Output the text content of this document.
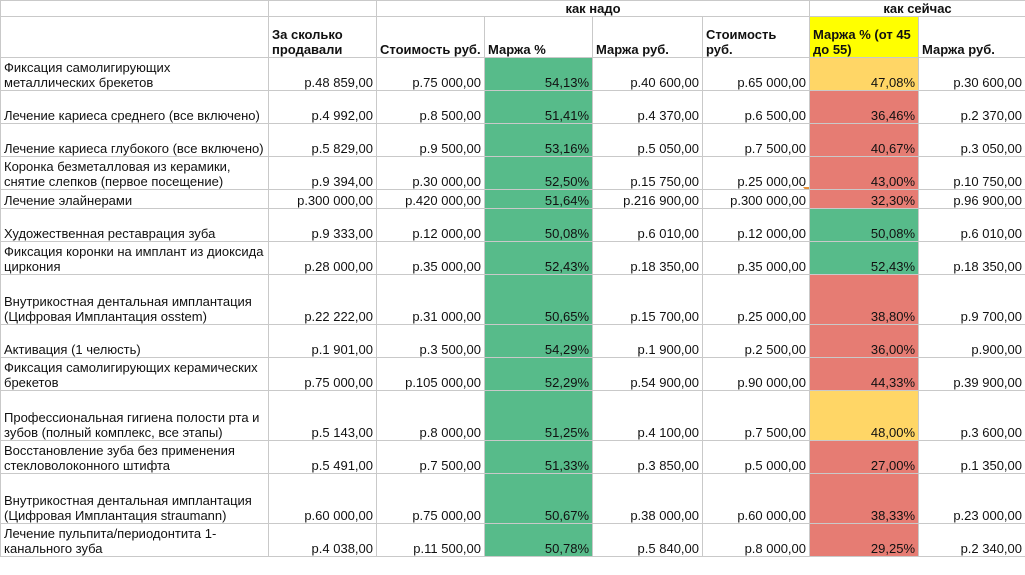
		как надо				как сейчас	
	За сколько продавали	Стоимость руб.	Маржа %	Маржа руб.	Стоимость руб.	Маржа % (от 45 до 55)	Маржа руб.
Фиксация самолигирующих металлических брекетов	р.48 859,00	р.75 000,00	54,13%	р.40 600,00	р.65 000,00	47,08%	р.30 600,00
Лечение кариеса среднего (все включено)	р.4 992,00	р.8 500,00	51,41%	р.4 370,00	р.6 500,00	36,46%	р.2 370,00
Лечение кариеса глубокого (все включено)	р.5 829,00	р.9 500,00	53,16%	р.5 050,00	р.7 500,00	40,67%	р.3 050,00
Коронка безметалловая из керамики, снятие слепков (первое посещение)	р.9 394,00	р.30 000,00	52,50%	р.15 750,00	р.25 000,00	43,00%	р.10 750,00
Лечение элайнерами	р.300 000,00	р.420 000,00	51,64%	р.216 900,00	р.300 000,00	32,30%	р.96 900,00
Художественная реставрация зуба	р.9 333,00	р.12 000,00	50,08%	р.6 010,00	р.12 000,00	50,08%	р.6 010,00
Фиксация коронки на имплант из диоксида циркония	р.28 000,00	р.35 000,00	52,43%	р.18 350,00	р.35 000,00	52,43%	р.18 350,00
Внутрикостная дентальная имплантация (Цифровая Имплантация osstem)	р.22 222,00	р.31 000,00	50,65%	р.15 700,00	р.25 000,00	38,80%	р.9 700,00
Активация (1 челюсть)	р.1 901,00	р.3 500,00	54,29%	р.1 900,00	р.2 500,00	36,00%	р.900,00
Фиксация самолигирующих керамических брекетов	р.75 000,00	р.105 000,00	52,29%	р.54 900,00	р.90 000,00	44,33%	р.39 900,00
Профессиональная гигиена полости рта и зубов (полный комплекс, все этапы)	р.5 143,00	р.8 000,00	51,25%	р.4 100,00	р.7 500,00	48,00%	р.3 600,00
Восстановление зуба без применения стекловолоконного штифта	р.5 491,00	р.7 500,00	51,33%	р.3 850,00	р.5 000,00	27,00%	р.1 350,00
Внутрикостная дентальная имплантация (Цифровая Имплантация straumann)	р.60 000,00	р.75 000,00	50,67%	р.38 000,00	р.60 000,00	38,33%	р.23 000,00
Лечение пульпита/периодонтита 1-канального зуба	р.4 038,00	р.11 500,00	50,78%	р.5 840,00	р.8 000,00	29,25%	р.2 340,00
